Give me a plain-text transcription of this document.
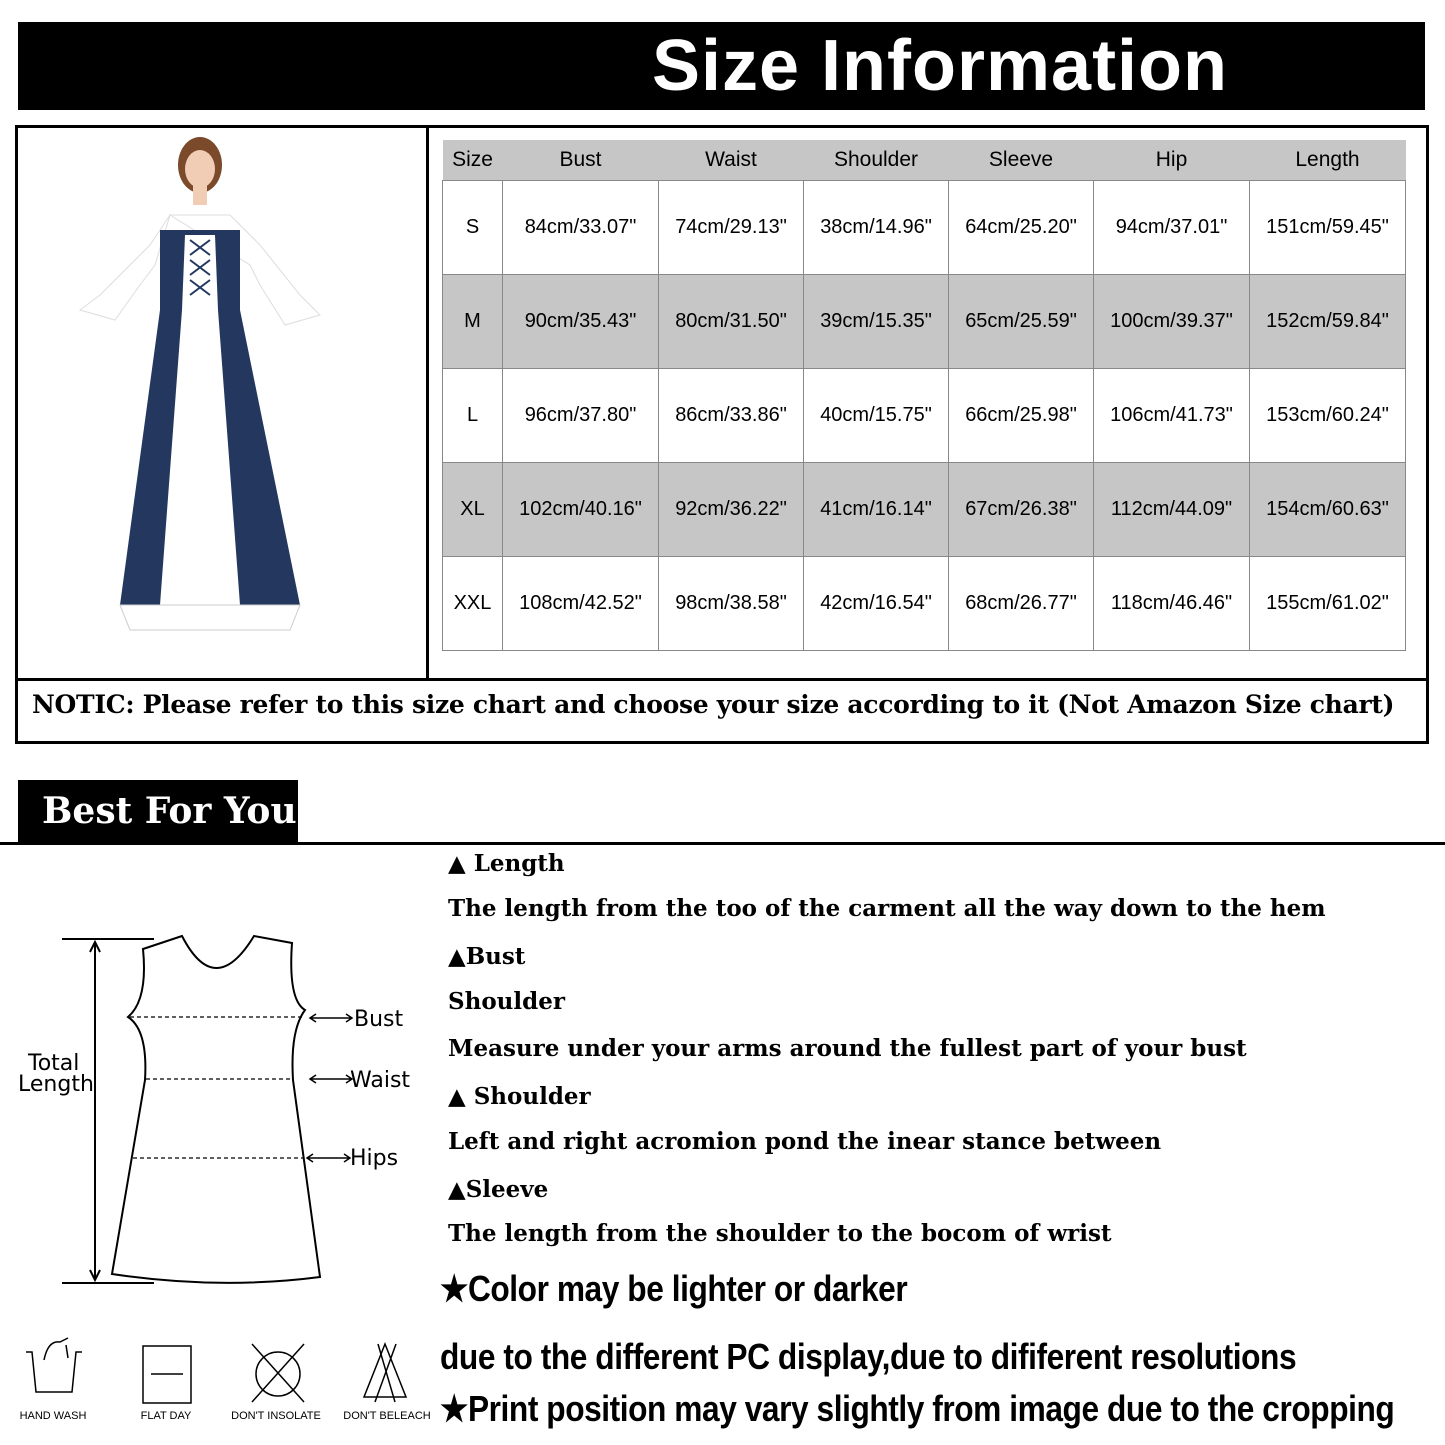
Size Information
Size	Bust	Waist	Shoulder	Sleeve	Hip	Length
S	84cm/33.07"	74cm/29.13"	38cm/14.96"	64cm/25.20"	94cm/37.01"	151cm/59.45"
M	90cm/35.43"	80cm/31.50"	39cm/15.35"	65cm/25.59"	100cm/39.37"	152cm/59.84"
L	96cm/37.80"	86cm/33.86"	40cm/15.75"	66cm/25.98"	106cm/41.73"	153cm/60.24"
XL	102cm/40.16"	92cm/36.22"	41cm/16.14"	67cm/26.38"	112cm/44.09"	154cm/60.63"
XXL	108cm/42.52"	98cm/38.58"	42cm/16.54"	68cm/26.77"	118cm/46.46"	155cm/61.02"
NOTIC: Please refer to this size chart and choose your size according to it (Not Amazon Size chart)
Best For You
Bust
Waist
Hips
Total
Length
▲ Length
The length from the too of the carment all the way down to the hem
▲Bust
Shoulder
Measure under your arms around the fullest part of your bust
▲ Shoulder
Left and right acromion pond the inear stance between
▲Sleeve
The length from the shoulder to the bocom of wrist
★Color may be lighter or darker
due to the different PC display,due to dififerent resolutions
★Print position may vary slightly from image due to the cropping
HAND WASH	FLAT DAY	DON'T INSOLATE	DON'T BELEACH
